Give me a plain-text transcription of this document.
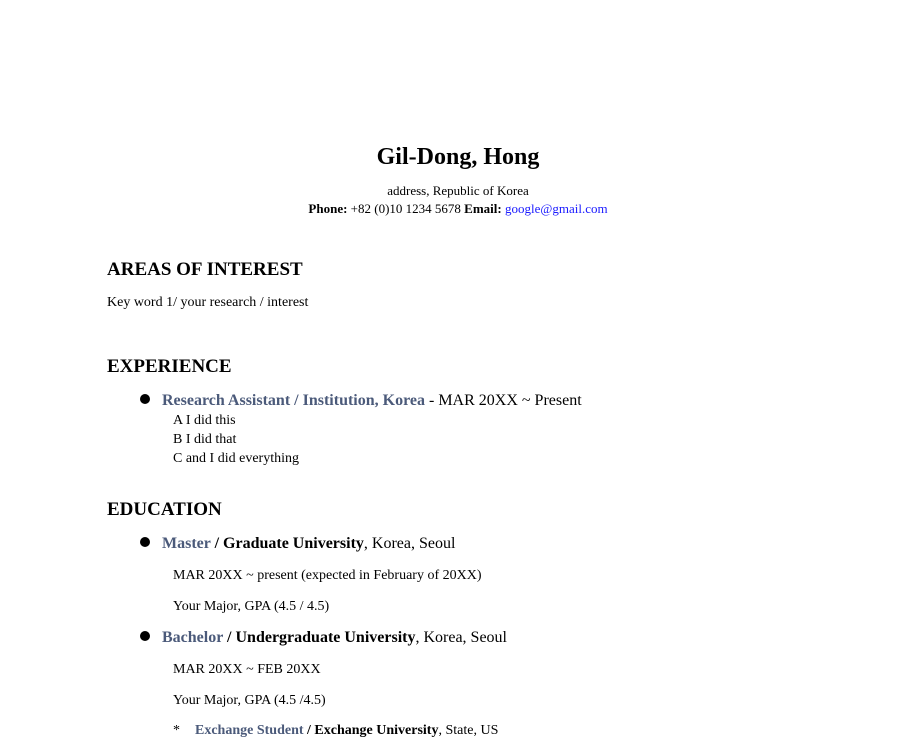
Gil-Dong, Hong
address, Republic of Korea
Phone: +82 (0)10 1234 5678 Email: google@gmail.com
AREAS OF INTEREST
Key word 1/ your research / interest
EXPERIENCE
Research Assistant / Institution, Korea - MAR 20XX ~ Present
A I did this
B I did that
C and I did everything
EDUCATION
Master / Graduate University, Korea, Seoul
MAR 20XX ~ present (expected in February of 20XX)
Your Major, GPA (4.5 / 4.5)
Bachelor / Undergraduate University, Korea, Seoul
MAR 20XX ~ FEB 20XX
Your Major, GPA (4.5 /4.5)
* Exchange Student / Exchange University, State, US
